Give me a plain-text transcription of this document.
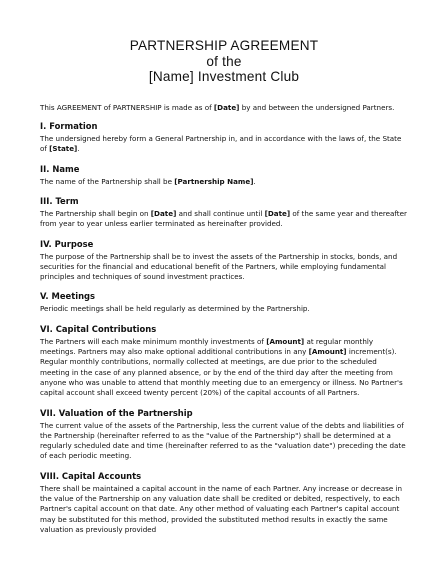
PARTNERSHIP AGREEMENT
of the
[Name] Investment Club

This AGREEMENT of PARTNERSHIP is made as of [Date] by and between the undersigned Partners.

I. Formation

The undersigned hereby form a General Partnership in, and in accordance with the laws of, the State of [State].

II. Name

The name of the Partnership shall be [Partnership Name].

III. Term

The Partnership shall begin on [Date] and shall continue until [Date] of the same year and thereafter from year to year unless earlier terminated as hereinafter provided.

IV. Purpose

The purpose of the Partnership shall be to invest the assets of the Partnership in stocks, bonds, and securities for the financial and educational benefit of the Partners, while employing fundamental principles and techniques of sound investment practices.

V. Meetings

Periodic meetings shall be held regularly as determined by the Partnership.

VI. Capital Contributions

The Partners will each make minimum monthly investments of [Amount] at regular monthly meetings. Partners may also make optional additional contributions in any [Amount] increment(s). Regular monthly contributions, normally collected at meetings, are due prior to the scheduled meeting in the case of any planned absence, or by the end of the third day after the meeting from anyone who was unable to attend that monthly meeting due to an emergency or illness. No Partner's capital account shall exceed twenty percent (20%) of the capital accounts of all Partners.

VII. Valuation of the Partnership

The current value of the assets of the Partnership, less the current value of the debts and liabilities of the Partnership (hereinafter referred to as the "value of the Partnership") shall be determined at a regularly scheduled date and time (hereinafter referred to as the "valuation date") preceding the date of each periodic meeting.

VIII. Capital Accounts

There shall be maintained a capital account in the name of each Partner. Any increase or decrease in the value of the Partnership on any valuation date shall be credited or debited, respectively, to each Partner's capital account on that date. Any other method of valuating each Partner's capital account may be substituted for this method, provided the substituted method results in exactly the same valuation as previously provided
